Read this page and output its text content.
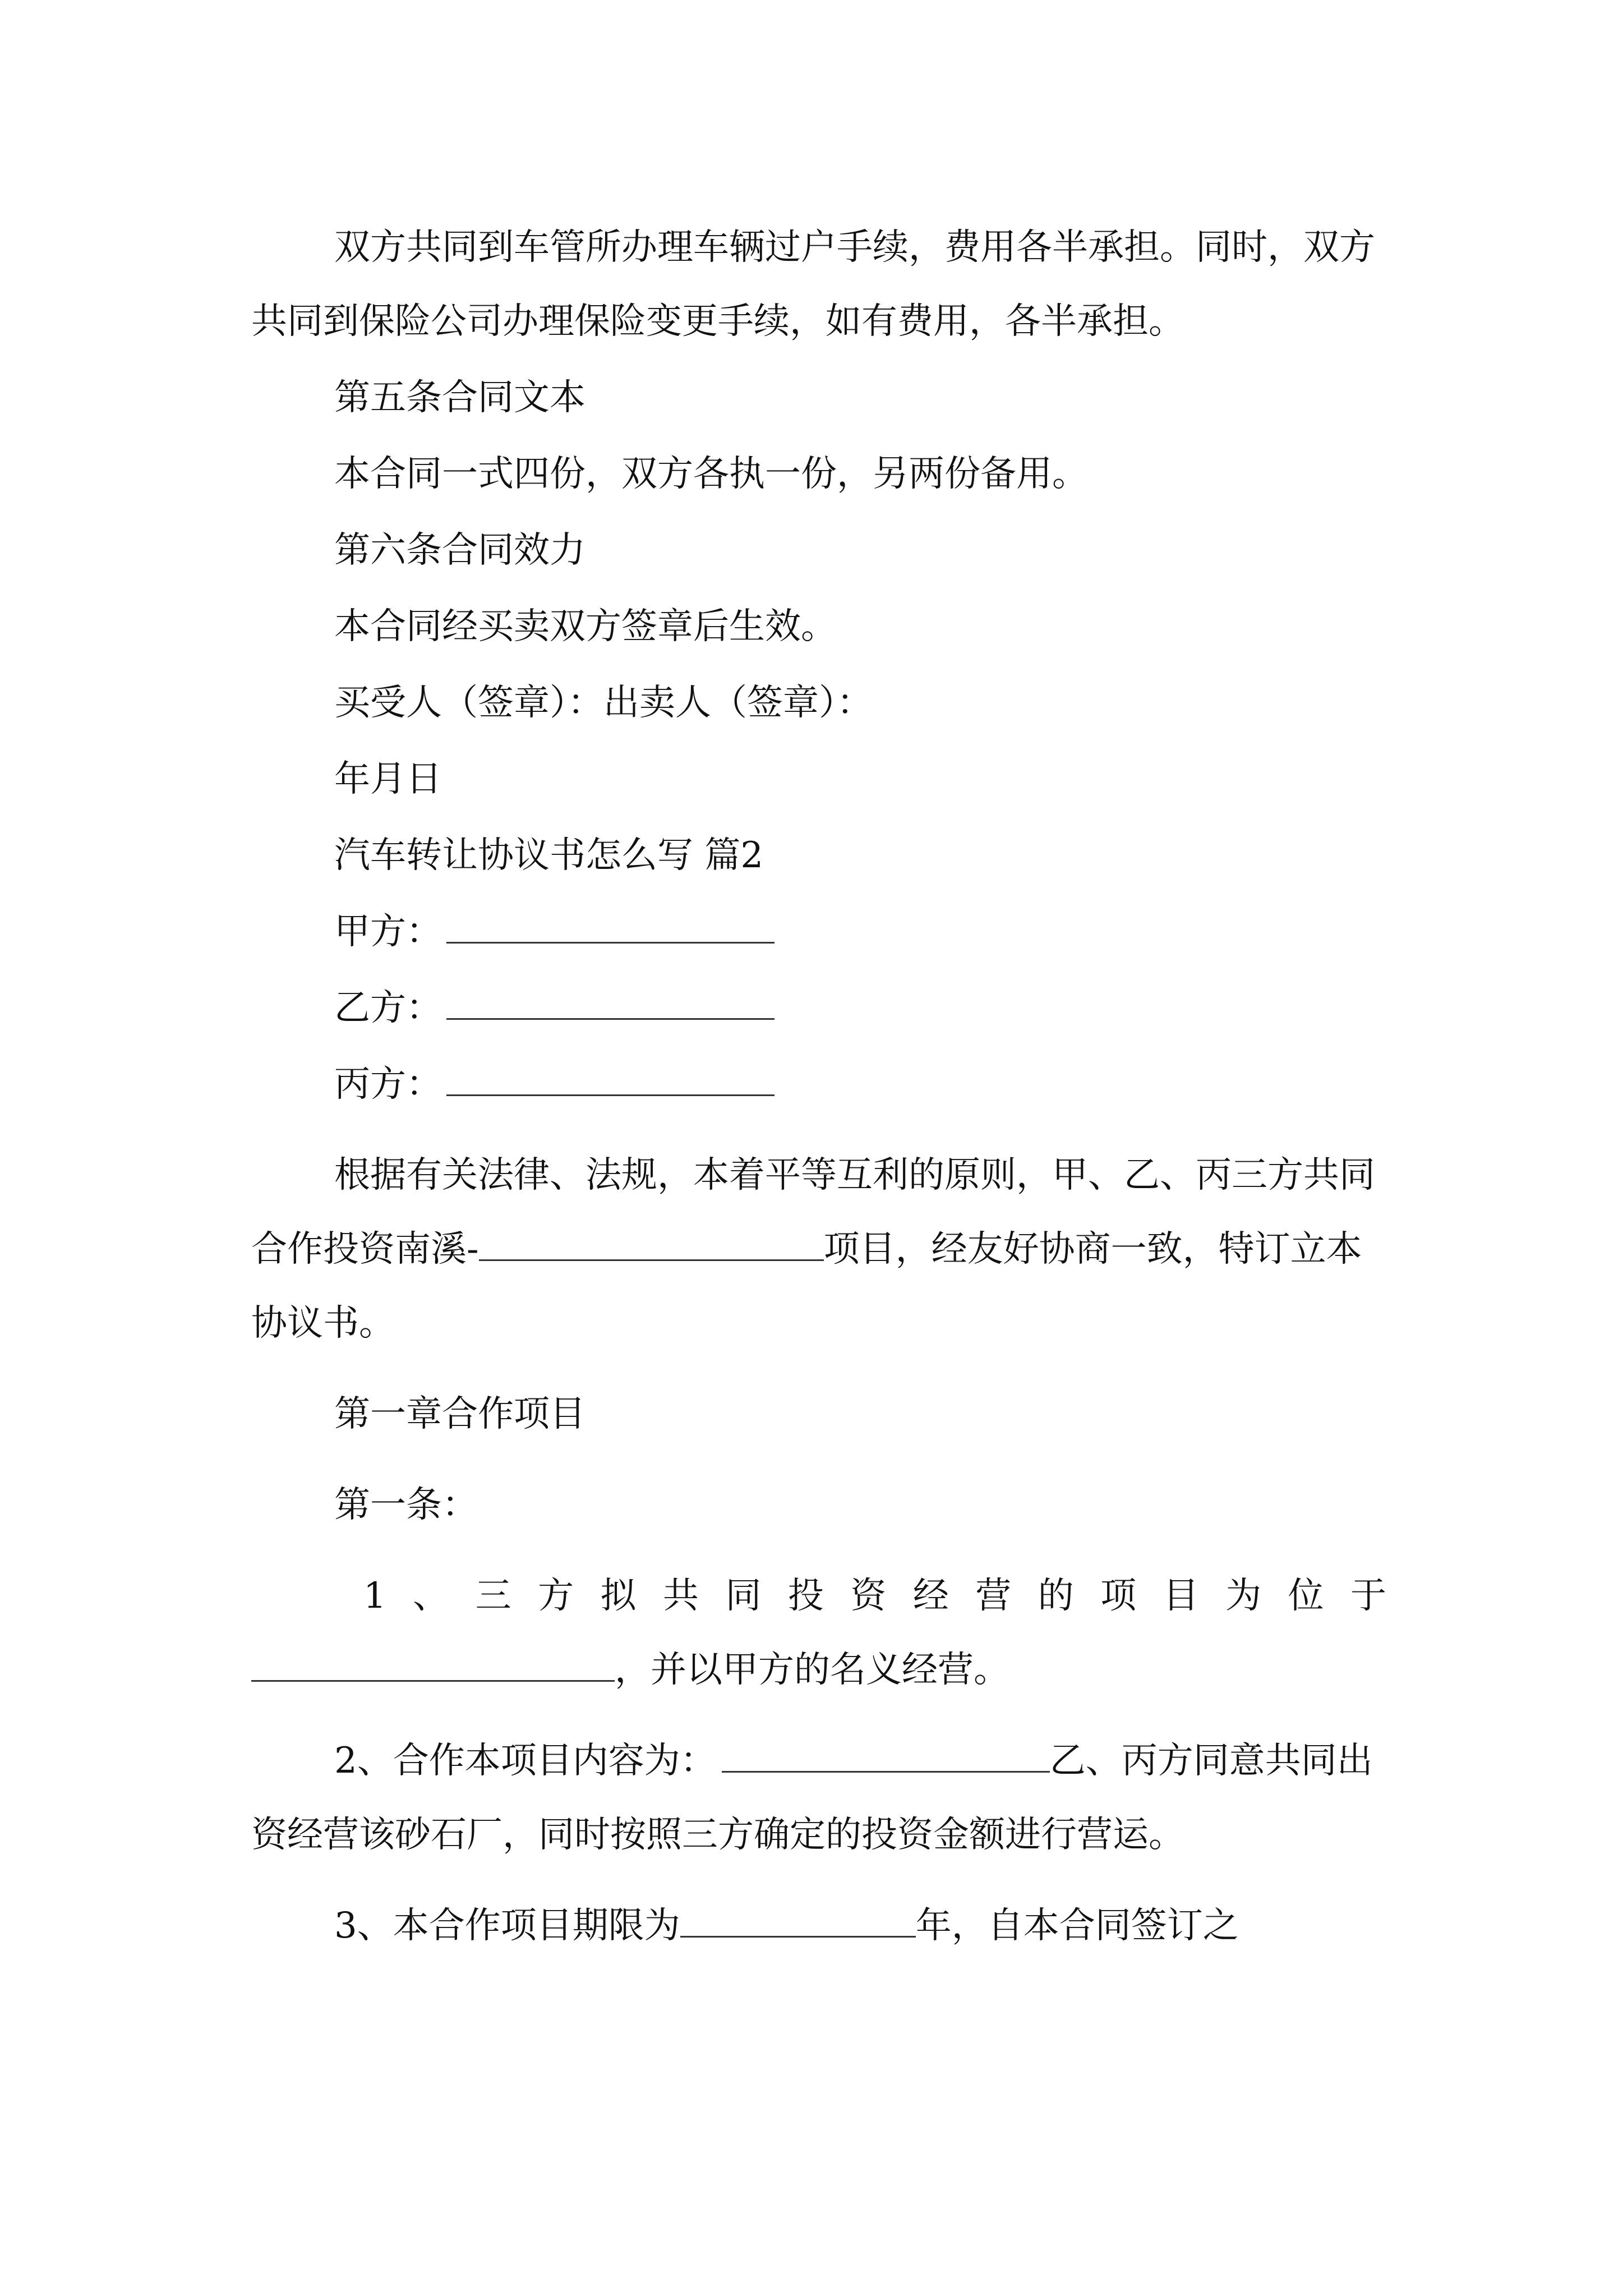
双方共同到车管所办理车辆过户手续，费用各半承担。同时，双方共同到保险公司办理保险变更手续，如有费用，各半承担。

第五条合同文本

本合同一式四份，双方各执一份，另两份备用。

第六条合同效力

本合同经买卖双方签章后生效。

买受人（签章）：出卖人（签章）：

年月日

汽车转让协议书怎么写 篇2

甲方：

乙方：

丙方：

根据有关法律、法规，本着平等互利的原则，甲、乙、丙三方共同合作投资南溪-	项目，经友好协商一致，特订立本协议书。

第一章合作项目

第一条：

1、三方拟共同投资经营的项目为位于

，并以甲方的名义经营。

2、合作本项目内容为：	乙、丙方同意共同出资经营该砂石厂，同时按照三方确定的投资金额进行营运。

3、本合作项目期限为	年，自本合同签订之
